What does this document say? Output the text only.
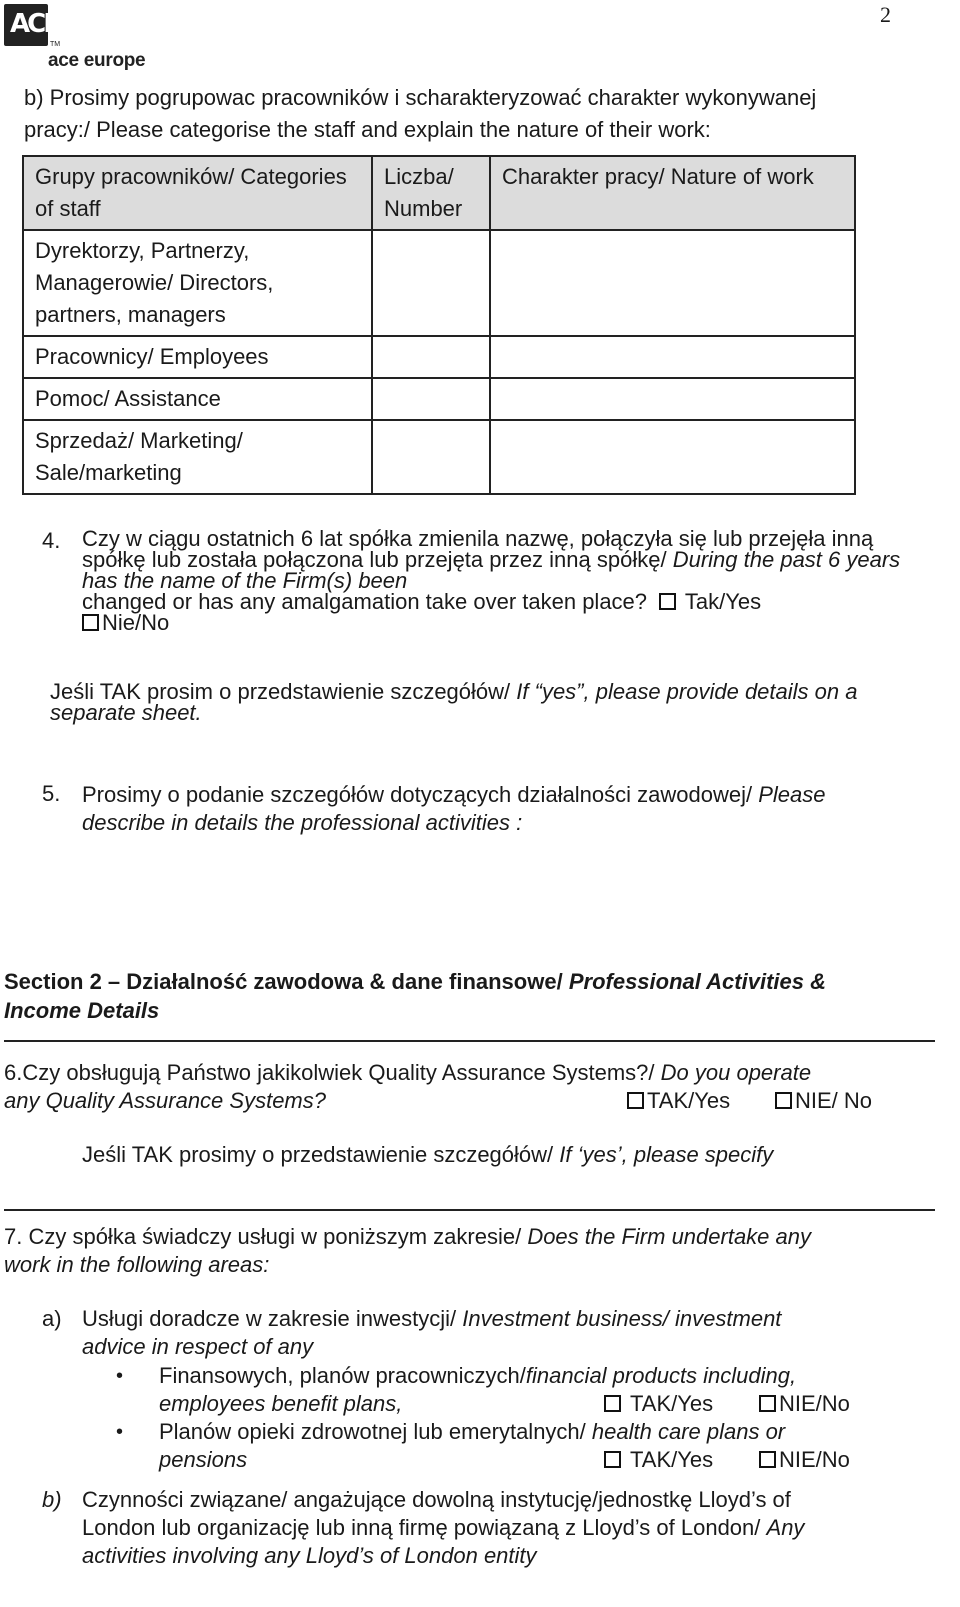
ACE
TM
ace europe
2
b) Prosimy pogrupowac pracowników i scharakteryzować charakter wykonywanej
pracy:/ Please categorise the staff and explain the nature of their work:
Grupy pracowników/ Categories of staff	Liczba/ Number	Charakter pracy/ Nature of work
Dyrektorzy, Partnerzy, Managerowie/ Directors, partners, managers		
Pracownicy/ Employees		
Pomoc/ Assistance		
Sprzedaż/ Marketing/ Sale/marketing		
4. Czy w ciągu ostatnich 6 lat spółka zmienila nazwę, połączyła się lub przejęła inną spółkę lub została połączona lub przejęta przez inną spółkę/ During the past 6 years has the name of the Firm(s) been
changed or has any amalgamation take over taken place? Tak/Yes
Nie/No
Jeśli TAK prosim o przedstawienie szczegółów/ If “yes”, please provide details on a separate sheet.
5. Prosimy o podanie szczegółów dotyczących działalności zawodowej/ Please
describe in details the professional activities :
Section 2 – Działalność zawodowa & dane finansowe/ Professional Activities &
Income Details
6.Czy obsługują Państwo jakikolwiek Quality Assurance Systems?/ Do you operate
any Quality Assurance Systems?	TAK/Yes	NIE/ No
Jeśli TAK prosimy o przedstawienie szczegółów/ If ‘yes’, please specify
7. Czy spółka świadczy usługi w poniższym zakresie/ Does the Firm undertake any
work in the following areas:
a) Usługi doradcze w zakresie inwestycji/ Investment business/ investment
advice in respect of any
• Finansowych, planów pracowniczych/financial products including,
employees benefit plans,	TAK/Yes	NIE/No
• Planów opieki zdrowotnej lub emerytalnych/ health care plans or
pensions	TAK/Yes	NIE/No
b) Czynności związane/ angażujące dowolną instytucję/jednostkę Lloyd’s of
London lub organizację lub inną firmę powiązaną z Lloyd’s of London/ Any
activities involving any Lloyd’s of London entity
